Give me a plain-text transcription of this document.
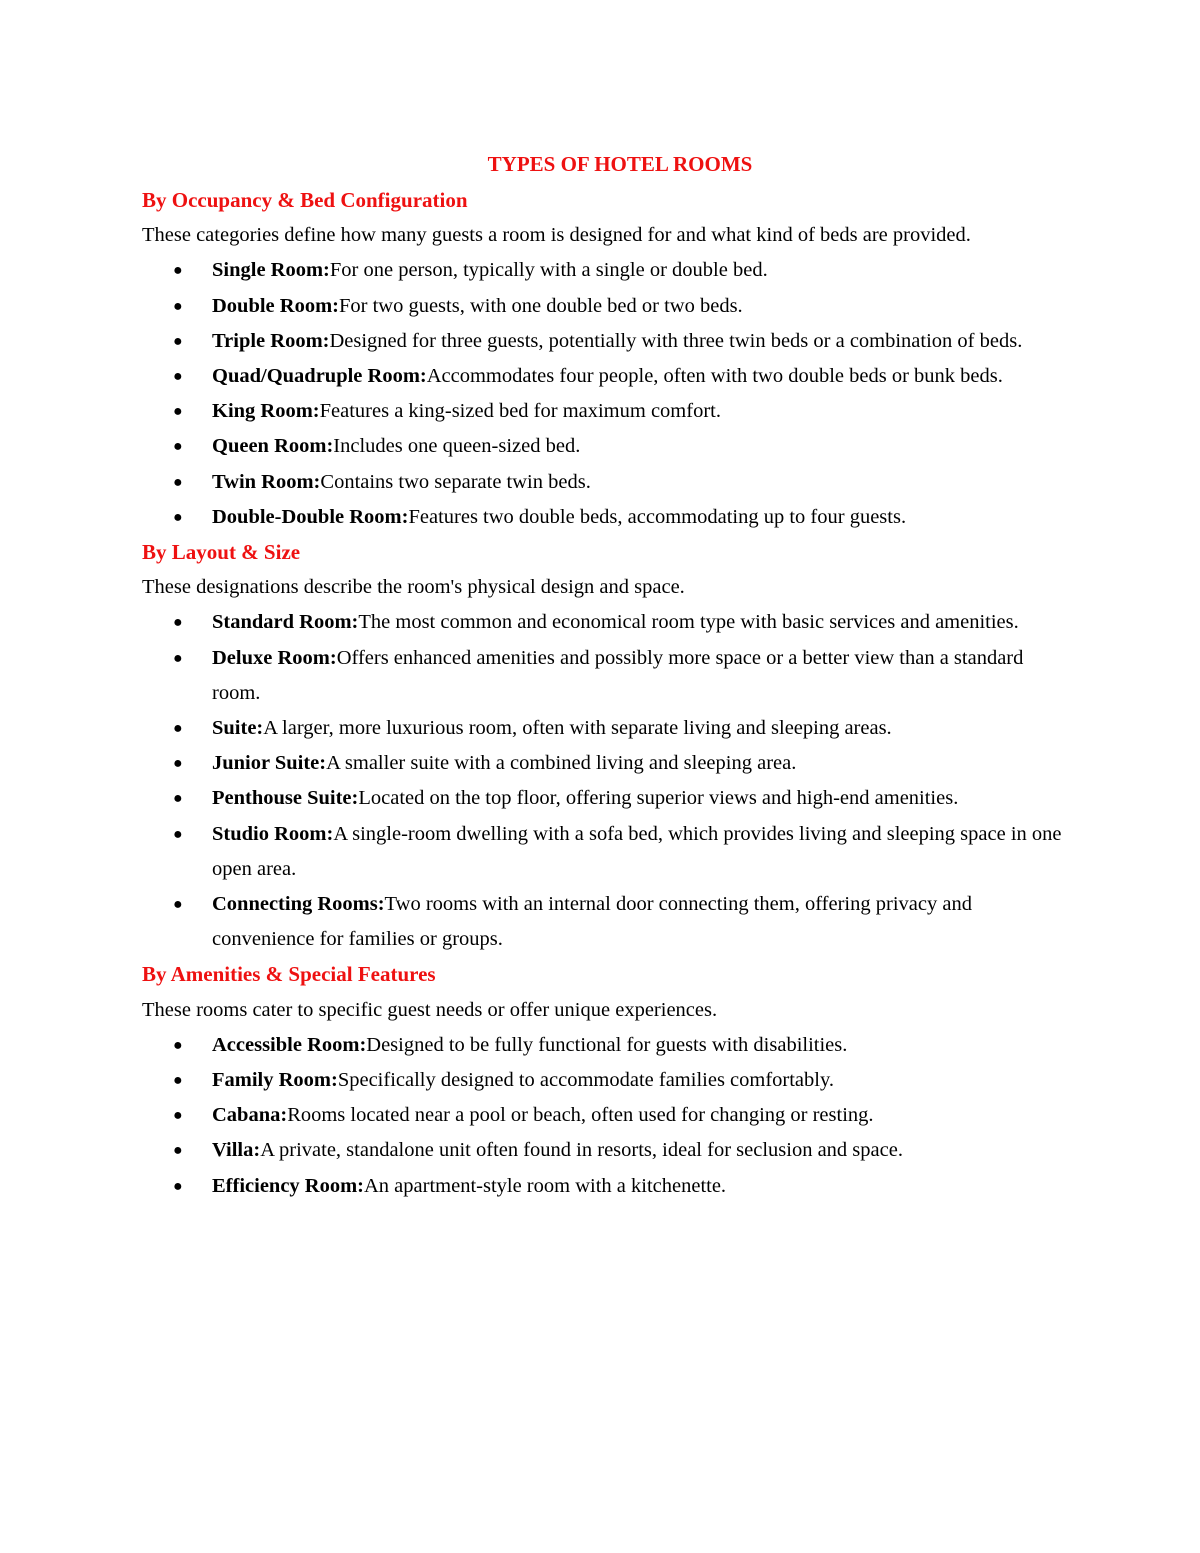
TYPES OF HOTEL ROOMS
By Occupancy & Bed Configuration

These categories define how many guests a room is designed for and what kind of beds are provided.

● Single Room:For one person, typically with a single or double bed.
● Double Room:For two guests, with one double bed or two beds.
● Triple Room:Designed for three guests, potentially with three twin beds or a combination of beds.
● Quad/Quadruple Room:Accommodates four people, often with two double beds or bunk beds.
● King Room:Features a king-sized bed for maximum comfort.
● Queen Room:Includes one queen-sized bed.
● Twin Room:Contains two separate twin beds.
● Double-Double Room:Features two double beds, accommodating up to four guests.
By Layout & Size

These designations describe the room's physical design and space.

● Standard Room:The most common and economical room type with basic services and amenities.
● Deluxe Room:Offers enhanced amenities and possibly more space or a better view than a standard room.
● Suite:A larger, more luxurious room, often with separate living and sleeping areas.
● Junior Suite:A smaller suite with a combined living and sleeping area.
● Penthouse Suite:Located on the top floor, offering superior views and high-end amenities.
● Studio Room:A single-room dwelling with a sofa bed, which provides living and sleeping space in one open area.
● Connecting Rooms:Two rooms with an internal door connecting them, offering privacy and convenience for families or groups.
By Amenities & Special Features

These rooms cater to specific guest needs or offer unique experiences.

● Accessible Room:Designed to be fully functional for guests with disabilities.
● Family Room:Specifically designed to accommodate families comfortably.
● Cabana:Rooms located near a pool or beach, often used for changing or resting.
● Villa:A private, standalone unit often found in resorts, ideal for seclusion and space.
● Efficiency Room:An apartment-style room with a kitchenette.
